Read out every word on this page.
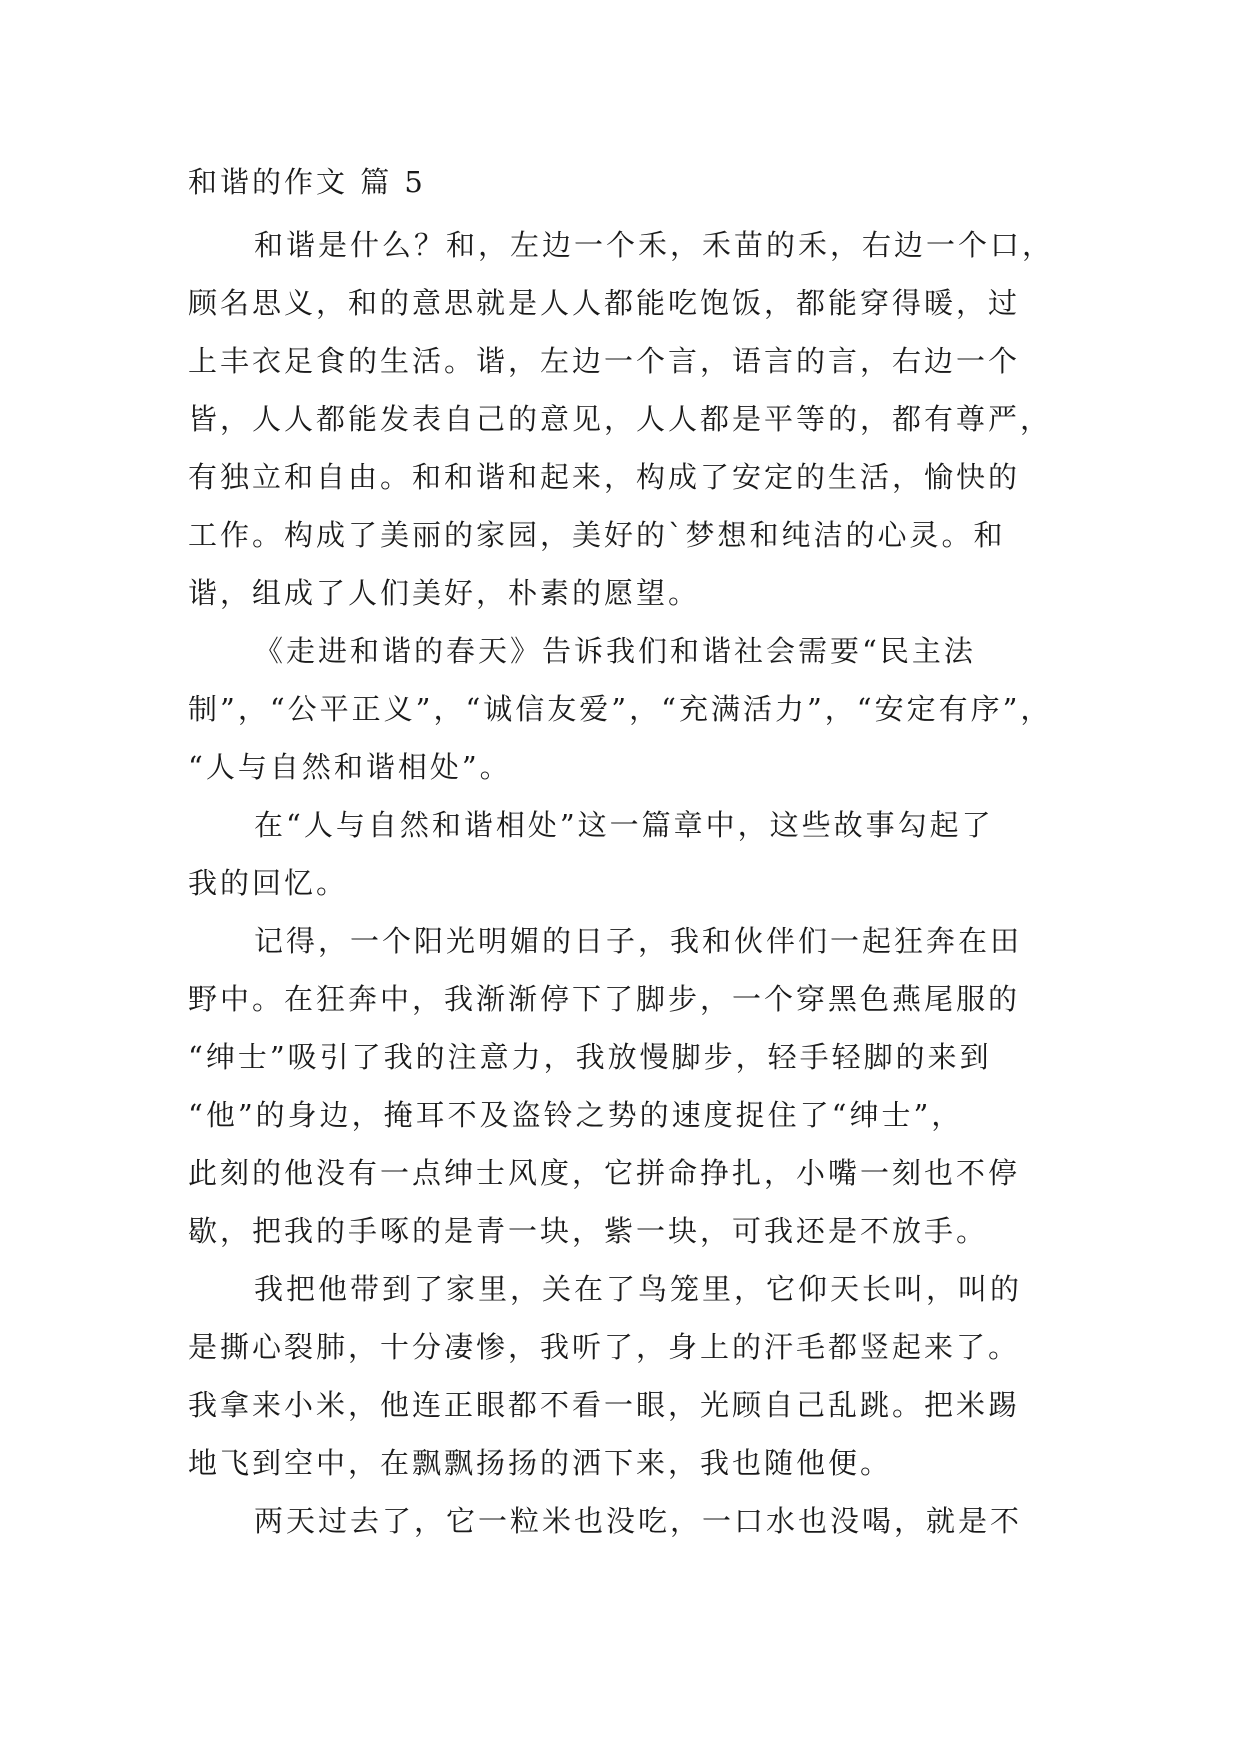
和谐的作文 篇 5
和谐是什么？和，左边一个禾，禾苗的禾，右边一个口，
顾名思义，和的意思就是人人都能吃饱饭，都能穿得暖，过
上丰衣足食的生活。谐，左边一个言，语言的言，右边一个
皆，人人都能发表自己的意见，人人都是平等的，都有尊严，
有独立和自由。和和谐和起来，构成了安定的生活，愉快的
工作。构成了美丽的家园，美好的`梦想和纯洁的心灵。和
谐，组成了人们美好，朴素的愿望。
《走进和谐的春天》告诉我们和谐社会需要“民主法
制”，“公平正义”，“诚信友爱”，“充满活力”，“安定有序”，
“人与自然和谐相处”。
在“人与自然和谐相处”这一篇章中，这些故事勾起了
我的回忆。
记得，一个阳光明媚的日子，我和伙伴们一起狂奔在田
野中。在狂奔中，我渐渐停下了脚步，一个穿黑色燕尾服的
“绅士”吸引了我的注意力，我放慢脚步，轻手轻脚的来到
“他”的身边，掩耳不及盗铃之势的速度捉住了“绅士”，
此刻的他没有一点绅士风度，它拼命挣扎，小嘴一刻也不停
歇，把我的手啄的是青一块，紫一块，可我还是不放手。
我把他带到了家里，关在了鸟笼里，它仰天长叫，叫的
是撕心裂肺，十分凄惨，我听了，身上的汗毛都竖起来了。
我拿来小米，他连正眼都不看一眼，光顾自己乱跳。把米踢
地飞到空中，在飘飘扬扬的洒下来，我也随他便。
两天过去了，它一粒米也没吃，一口水也没喝，就是不
